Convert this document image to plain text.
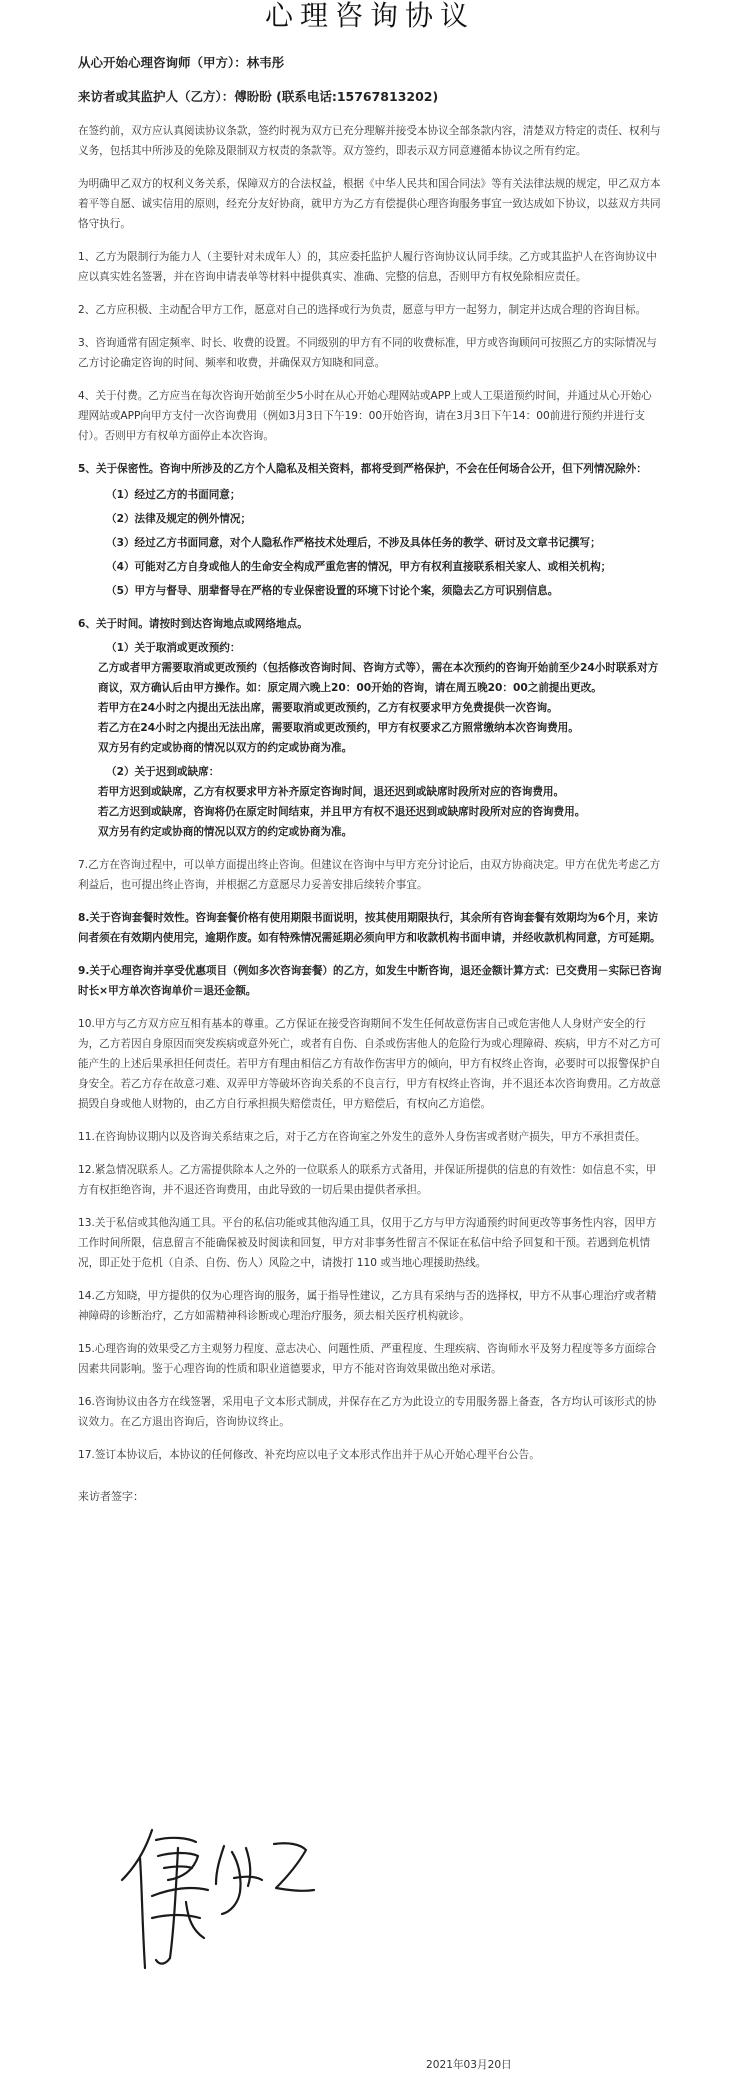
心理咨询协议
从心开始心理咨询师（甲方）：林韦彤
来访者或其监护人（乙方）：傅盼盼 (联系电话:15767813202)

在签约前，双方应认真阅读协议条款，签约时视为双方已充分理解并接受本协议全部条款内容，清楚双方特定的责任、权利与义务，包括其中所涉及的免除及限制双方权责的条款等。双方签约，即表示双方同意遵循本协议之所有约定。

为明确甲乙双方的权利义务关系，保障双方的合法权益，根据《中华人民共和国合同法》等有关法律法规的规定，甲乙双方本着平等自愿、诚实信用的原则，经充分友好协商，就甲方为乙方有偿提供心理咨询服务事宜一致达成如下协议，以兹双方共同恪守执行。

1、乙方为限制行为能力人（主要针对未成年人）的，其应委托监护人履行咨询协议认同手续。乙方或其监护人在咨询协议中应以真实姓名签署，并在咨询申请表单等材料中提供真实、准确、完整的信息，否则甲方有权免除相应责任。

2、乙方应积极、主动配合甲方工作，愿意对自己的选择或行为负责，愿意与甲方一起努力，制定并达成合理的咨询目标。

3、咨询通常有固定频率、时长、收费的设置。不同级别的甲方有不同的收费标准，甲方或咨询顾问可按照乙方的实际情况与乙方讨论确定咨询的时间、频率和收费，并确保双方知晓和同意。

4、关于付费。乙方应当在每次咨询开始前至少5小时在从心开始心理网站或APP上或人工渠道预约时间，并通过从心开始心理网站或APP向甲方支付一次咨询费用（例如3月3日下午19：00开始咨询，请在3月3日下午14：00前进行预约并进行支付）。否则甲方有权单方面停止本次咨询。

5、关于保密性。咨询中所涉及的乙方个人隐私及相关资料，都将受到严格保护，不会在任何场合公开，但下列情况除外：

（1）经过乙方的书面同意；

（2）法律及规定的例外情况；

（3）经过乙方书面同意，对个人隐私作严格技术处理后，不涉及具体任务的教学、研讨及文章书记撰写；

（4）可能对乙方自身或他人的生命安全构成严重危害的情况，甲方有权利直接联系相关家人、或相关机构；

（5）甲方与督导、朋辈督导在严格的专业保密设置的环境下讨论个案，须隐去乙方可识别信息。

6、关于时间。请按时到达咨询地点或网络地点。

（1）关于取消或更改预约：

乙方或者甲方需要取消或更改预约（包括修改咨询时间、咨询方式等），需在本次预约的咨询开始前至少24小时联系对方商议，双方确认后由甲方操作。如：原定周六晚上20：00开始的咨询，请在周五晚20：00之前提出更改。

若甲方在24小时之内提出无法出席，需要取消或更改预约，乙方有权要求甲方免费提供一次咨询。

若乙方在24小时之内提出无法出席，需要取消或更改预约，甲方有权要求乙方照常缴纳本次咨询费用。

双方另有约定或协商的情况以双方的约定或协商为准。

（2）关于迟到或缺席：

若甲方迟到或缺席，乙方有权要求甲方补齐原定咨询时间，退还迟到或缺席时段所对应的咨询费用。

若乙方迟到或缺席，咨询将仍在原定时间结束，并且甲方有权不退还迟到或缺席时段所对应的咨询费用。

双方另有约定或协商的情况以双方的约定或协商为准。

7.乙方在咨询过程中，可以单方面提出终止咨询。但建议在咨询中与甲方充分讨论后，由双方协商决定。甲方在优先考虑乙方利益后，也可提出终止咨询，并根据乙方意愿尽力妥善安排后续转介事宜。

8.关于咨询套餐时效性。咨询套餐价格有使用期限书面说明，按其使用期限执行，其余所有咨询套餐有效期均为6个月，来访问者须在有效期内使用完，逾期作废。如有特殊情况需延期必须向甲方和收款机构书面申请，并经收款机构同意，方可延期。

9.关于心理咨询并享受优惠项目（例如多次咨询套餐）的乙方，如发生中断咨询，退还金额计算方式：已交费用－实际已咨询时长×甲方单次咨询单价＝退还金额。

10.甲方与乙方双方应互相有基本的尊重。乙方保证在接受咨询期间不发生任何故意伤害自己或危害他人人身财产安全的行为，乙方若因自身原因而突发疾病或意外死亡，或者有自伤、自杀或伤害他人的危险行为或心理障碍、疾病，甲方不对乙方可能产生的上述后果承担任何责任。若甲方有理由相信乙方有故作伤害甲方的倾向，甲方有权终止咨询，必要时可以报警保护自身安全。若乙方存在故意刁难、双弄甲方等破坏咨询关系的不良言行，甲方有权终止咨询，并不退还本次咨询费用。乙方故意损毁自身或他人财物的，由乙方自行承担损失赔偿责任，甲方赔偿后，有权向乙方追偿。

11.在咨询协议期内以及咨询关系结束之后，对于乙方在咨询室之外发生的意外人身伤害或者财产损失，甲方不承担责任。

12.紧急情况联系人。乙方需提供除本人之外的一位联系人的联系方式备用，并保证所提供的信息的有效性：如信息不实，甲方有权拒绝咨询，并不退还咨询费用，由此导致的一切后果由提供者承担。

13.关于私信或其他沟通工具。平台的私信功能或其他沟通工具，仅用于乙方与甲方沟通预约时间更改等事务性内容，因甲方工作时间所限，信息留言不能确保被及时阅读和回复，甲方对非事务性留言不保证在私信中给予回复和干预。若遇到危机情况，即正处于危机（自杀、自伤、伤人）风险之中，请拨打 110 或当地心理援助热线。

14.乙方知晓，甲方提供的仅为心理咨询的服务，属于指导性建议，乙方具有采纳与否的选择权，甲方不从事心理治疗或者精神障碍的诊断治疗，乙方如需精神科诊断或心理治疗服务，须去相关医疗机构就诊。

15.心理咨询的效果受乙方主观努力程度、意志决心、问题性质、严重程度、生理疾病、咨询师水平及努力程度等多方面综合因素共同影响。鉴于心理咨询的性质和职业道德要求，甲方不能对咨询效果做出绝对承诺。

16.咨询协议由各方在线签署，采用电子文本形式制成，并保存在乙方为此设立的专用服务器上备查，各方均认可该形式的协议效力。在乙方退出咨询后，咨询协议终止。

17.签订本协议后，本协议的任何修改、补充均应以电子文本形式作出并于从心开始心理平台公告。

来访者签字：

2021年03月20日
